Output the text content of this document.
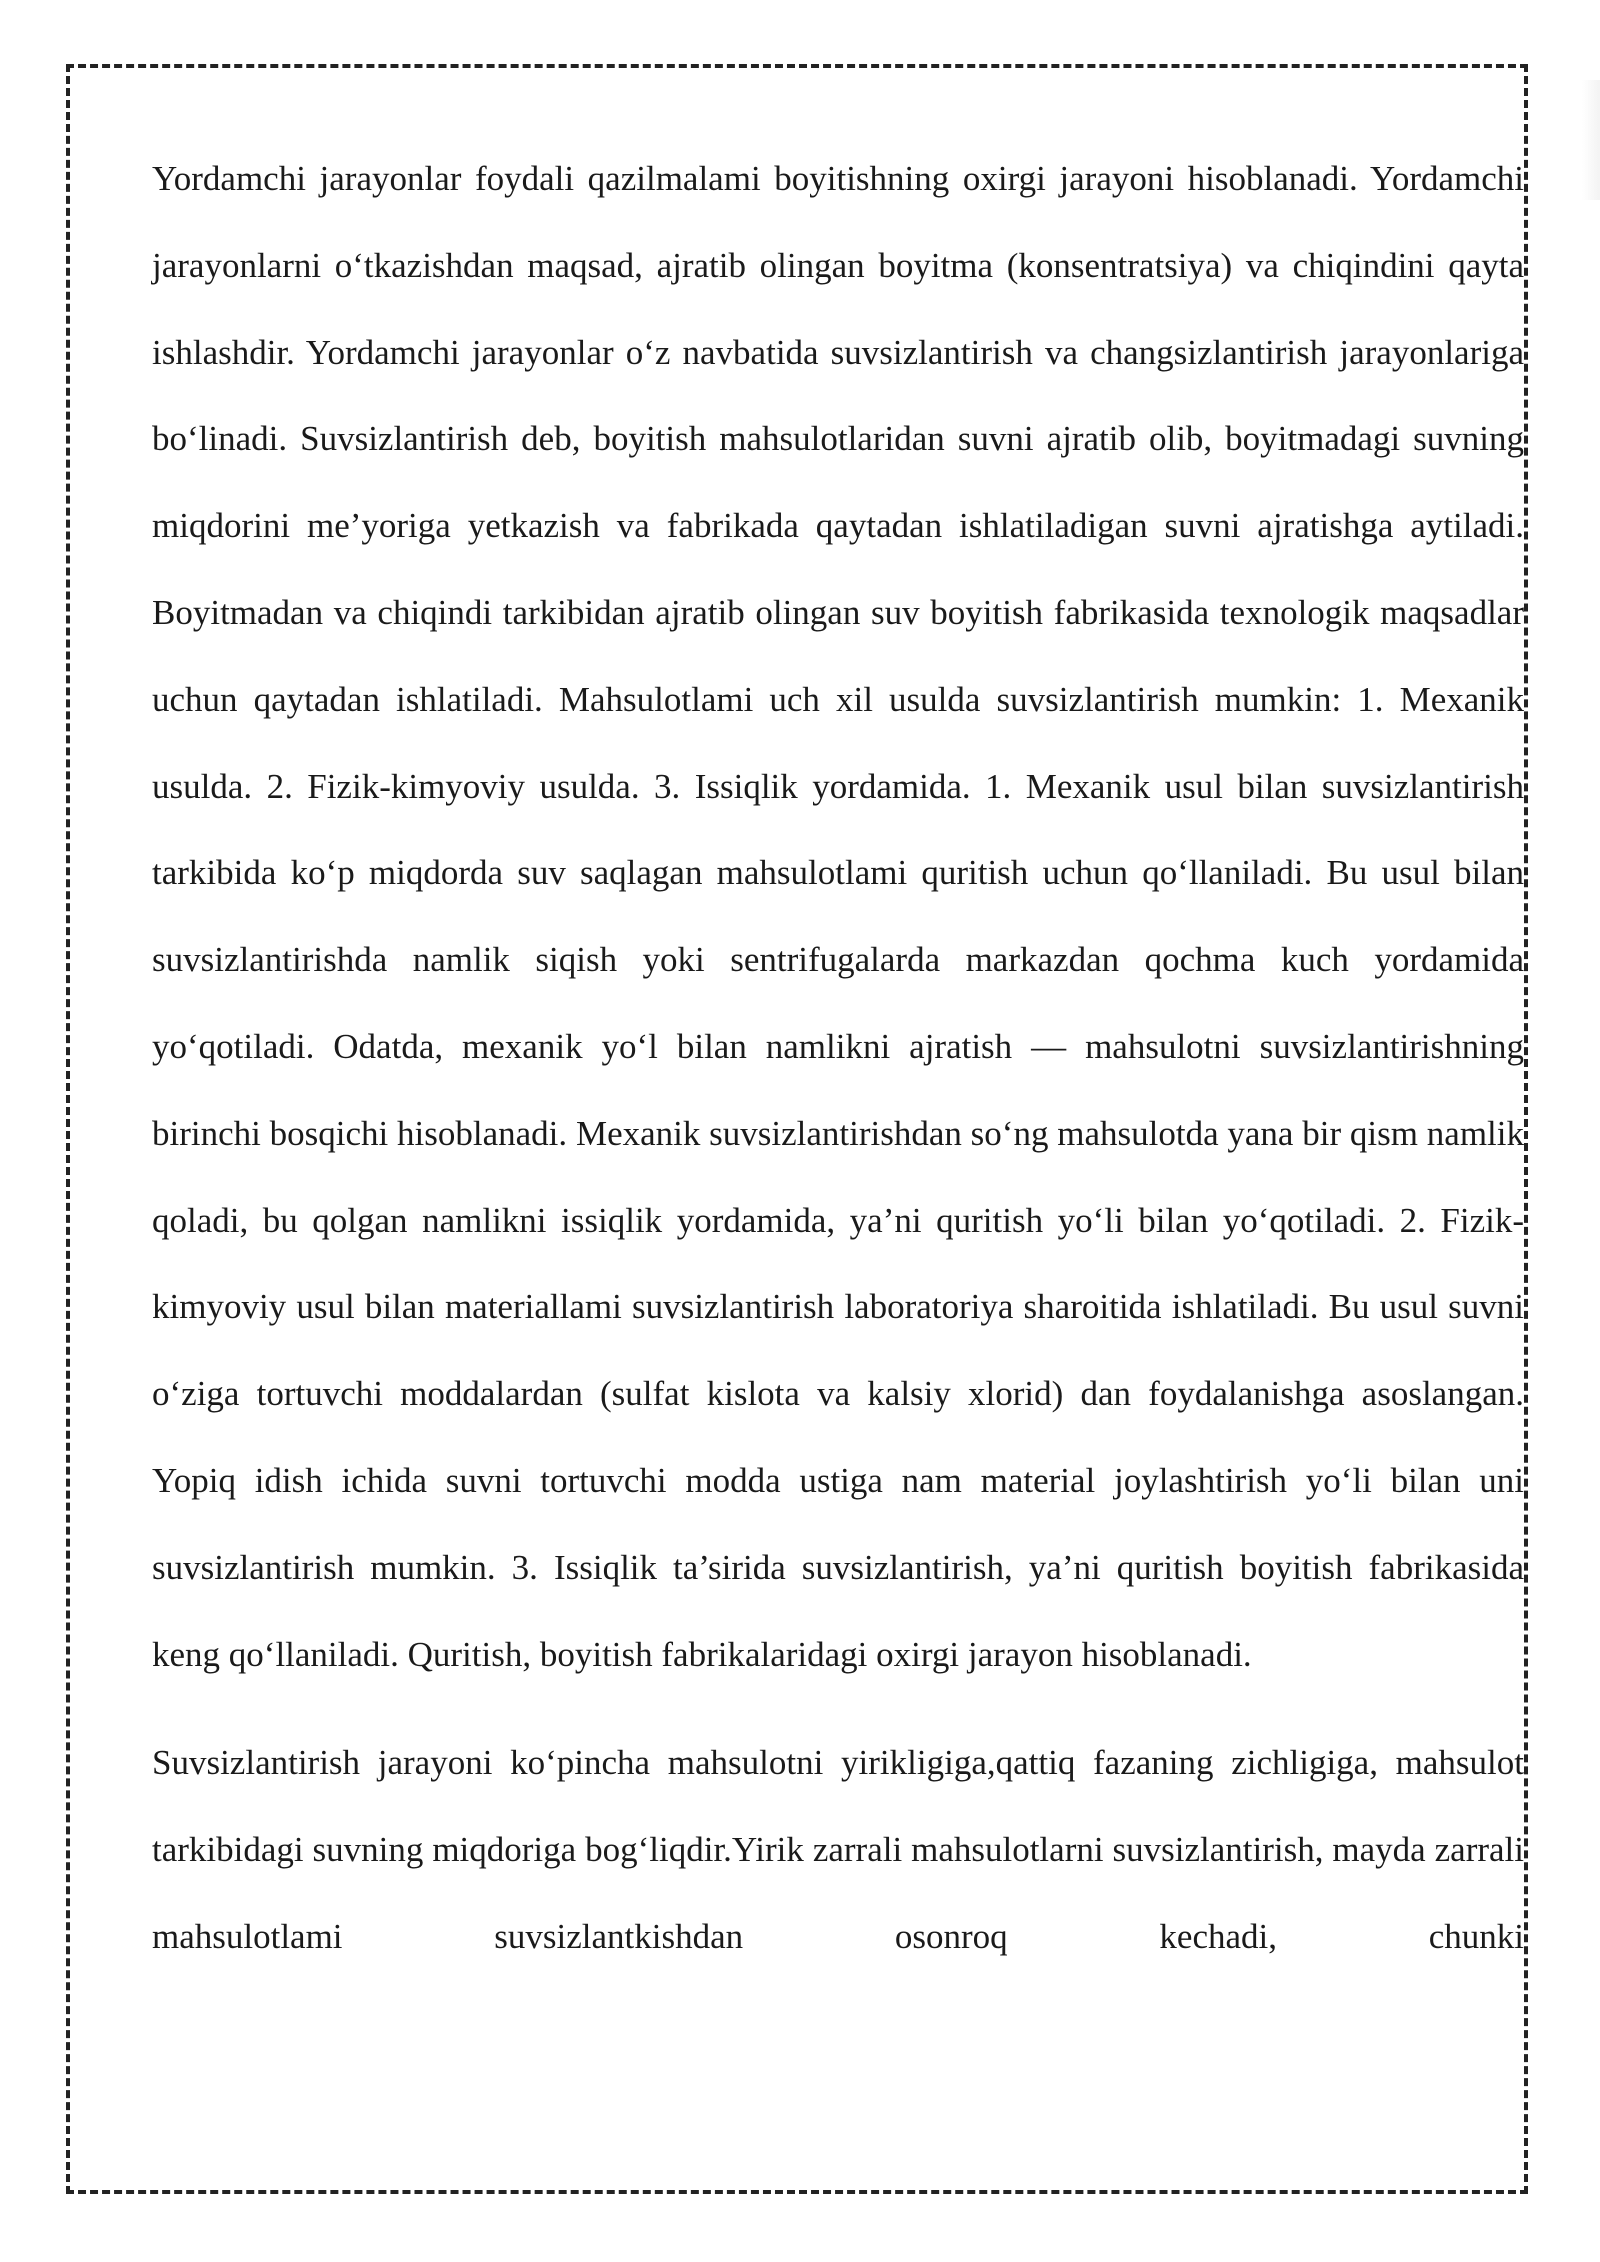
Yordamchi jarayonlar foydali qazilmalami boyitishning oxirgi jarayoni hisoblanadi. Yordamchi jarayonlarni o‘tkazishdan maqsad, ajratib olingan boyitma (konsentratsiya) va chiqindini qayta ishlashdir. Yordamchi jarayonlar o‘z navbatida suvsizlantirish va changsizlantirish jarayonlariga bo‘linadi. Suvsizlantirish deb, boyitish mahsulotlaridan suvni ajratib olib, boyitmadagi suvning miqdorini me’yoriga yetkazish va fabrikada qaytadan ishlatiladigan suvni ajratishga aytiladi. Boyitmadan va chiqindi tarkibidan ajratib olingan suv boyitish fabrikasida texnologik maqsadlar uchun qaytadan ishlatiladi. Mahsulotlami uch xil usulda suvsizlantirish mumkin: 1. Mexanik usulda. 2. Fizik-kimyoviy usulda. 3. Issiqlik yordamida. 1. Mexanik usul bilan suvsizlantirish tarkibida ko‘p miqdorda suv saqlagan mahsulotlami quritish uchun qo‘llaniladi. Bu usul bilan suvsizlantirishda namlik siqish yoki sentrifugalarda markazdan qochma kuch yordamida yo‘qotiladi. Odatda, mexanik yo‘l bilan namlikni ajratish — mahsulotni suvsizlantirishning birinchi bosqichi hisoblanadi. Mexanik suvsizlantirishdan so‘ng mahsulotda yana bir qism namlik qoladi, bu qolgan namlikni issiqlik yordamida, ya’ni quritish yo‘li bilan yo‘qotiladi. 2. Fizik-kimyoviy usul bilan materiallami suvsizlantirish laboratoriya sharoitida ishlatiladi. Bu usul suvni o‘ziga tortuvchi moddalardan (sulfat kislota va kalsiy xlorid) dan foydalanishga asoslangan. Yopiq idish ichida suvni tortuvchi modda ustiga nam material joylashtirish yo‘li bilan uni suvsizlantirish mumkin. 3. Issiqlik ta’sirida suvsizlantirish, ya’ni quritish boyitish fabrikasida keng qo‘llaniladi. Quritish, boyitish fabrikalaridagi oxirgi jarayon hisoblanadi.

Suvsizlantirish jarayoni ko‘pincha mahsulotni yirikligiga,qattiq fazaning zichligiga, mahsulot tarkibidagi suvning miqdoriga bog‘liqdir.Yirik zarrali mahsulotlarni suvsizlantirish, mayda zarrali mahsulotlami suvsizlantkishdan osonroq kechadi, chunki
